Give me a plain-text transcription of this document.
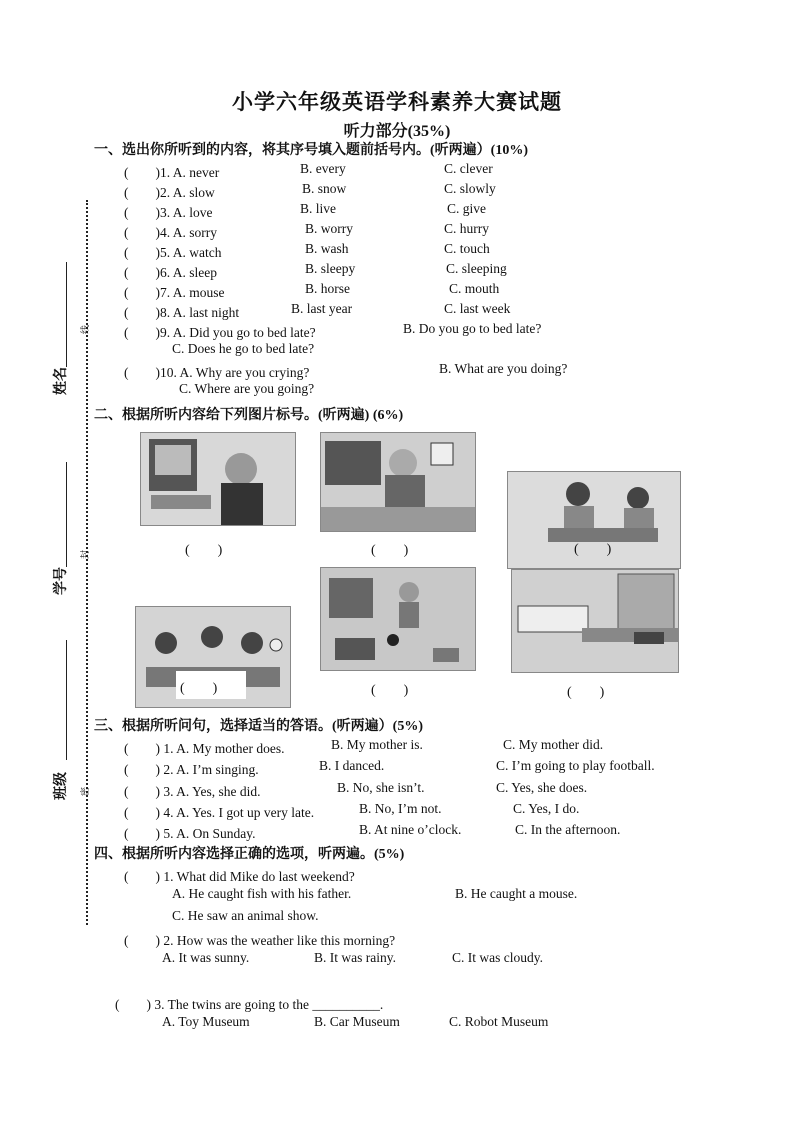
小学六年级英语学科素养大赛试题
听力部分(35%)
姓名
学号
班级
线
封
密
一、选出你所听到的内容，将其序号填入题前括号内。(听两遍）(10%)
(　　)1. A. never	B. every	C. clever
(　　)2. A. slow	B. snow	C. slowly
(　　)3. A. love	B. live	C. give
(　　)4. A. sorry	B. worry	C. hurry
(　　)5. A. watch	B. wash	C. touch
(　　)6. A. sleep	B. sleepy	C. sleeping
(　　)7. A. mouse	B. horse	C. mouth
(　　)8. A. last night	B. last year	C. last week
(　　)9. A. Did you go to bed late?	B. Do you go to bed late?
C. Does he go to bed late?
(　　)10. A. Why are you crying?	B. What are you doing?
C. Where are you going?
二、根据所听内容给下列图片标号。(听两遍) (6%)
(　　)	(　　)	(　　)
(　　)	(　　)	(　　)
三、根据所听问句，选择适当的答语。(听两遍）(5%)
(　　) 1. A. My mother does.	B. My mother is.	C. My mother did.
(　　) 2. A. I’m singing.	B. I danced.	C. I’m going to play football.
(　　) 3. A. Yes, she did.	B. No, she isn’t.	C. Yes, she does.
(　　) 4. A. Yes. I got up very late.	B. No, I’m not.	C. Yes, I do.
(　　) 5. A. On Sunday.	B. At nine o’clock.	C. In the afternoon.
四、根据所听内容选择正确的选项，听两遍。(5%)
(　　) 1. What did Mike do last weekend?
A. He caught fish with his father.	B. He caught a mouse.
C. He saw an animal show.
(　　) 2. How was the weather like this morning?
A. It was sunny.	B. It was rainy.	C. It was cloudy.
(　　) 3. The twins are going to the __________.
A. Toy Museum	B. Car Museum	C. Robot Museum
